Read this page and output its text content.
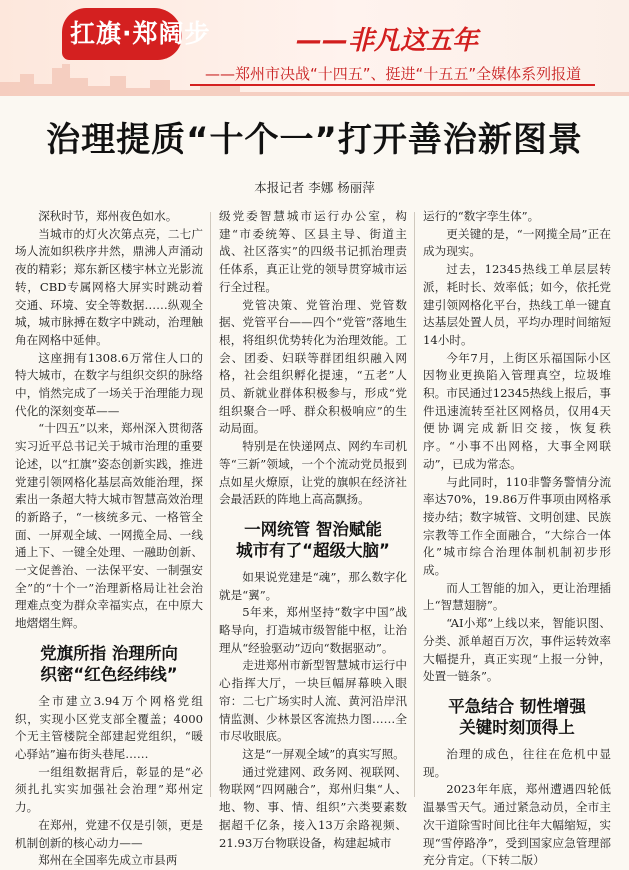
扛旗·郑阔步	——非凡这五年
——郑州市决战“十四五”、挺进“十五五”全媒体系列报道
治理提质“十个一”打开善治新图景
本报记者 李娜 杨丽萍

深秋时节，郑州夜色如水。

当城市的灯火次第点亮，二七广场人流如织秩序井然，鼎沸人声涌动夜的精彩；郑东新区楼宇林立光影流转，CBD专属网格大屏实时跳动着交通、环境、安全等数据……纵观全城，城市脉搏在数字中跳动，治理触角在网格中延伸。

这座拥有1308.6万常住人口的特大城市，在数字与组织交织的脉络中，悄然完成了一场关于治理能力现代化的深刻变革——

“十四五”以来，郑州深入贯彻落实习近平总书记关于城市治理的重要论述，以“扛旗”姿态创新实践，推进党建引领网格化基层高效能治理，探索出一条超大特大城市智慧高效治理的新路子，“一核统多元、一格管全面、一屏观全域、一网揽全局、一线通上下、一键全处理、一融助创新、一文促善治、一法保平安、一制强安全”的“十个一”治理新格局让社会治理难点变为群众幸福实点，在中原大地熠熠生辉。

党旗所指 治理所向
织密“红色经纬线”

全市建立3.94万个网格党组织，实现小区党支部全覆盖；4000个无主管楼院全部建起党组织，“暖心驿站”遍布街头巷尾……

一组组数据背后，彰显的是“必须扎扎实实加强社会治理”郑州定力。

在郑州，党建不仅是引领，更是机制创新的核心动力——

郑州在全国率先成立市县两

级党委智慧城市运行办公室，构建“市委统筹、区县主导、街道主战、社区落实”的四级书记抓治理责任体系，真正让党的领导贯穿城市运行全过程。

党管决策、党管治理、党管数据、党管平台——四个“党管”落地生根，将组织优势转化为治理效能。工会、团委、妇联等群团组织融入网格，社会组织孵化提速，“五老”人员、新就业群体积极参与，形成“党组织聚合一呼、群众积极响应”的生动局面。

特别是在快递网点、网约车司机等“三新”领域，一个个流动党员报到点如星火燎原，让党的旗帜在经济社会最活跃的阵地上高高飘扬。

一网统管 智治赋能
城市有了“超级大脑”

如果说党建是“魂”，那么数字化就是“翼”。

5年来，郑州坚持“数字中国”战略导向，打造城市级智能中枢，让治理从“经验驱动”迈向“数据驱动”。

走进郑州市新型智慧城市运行中心指挥大厅，一块巨幅屏幕映入眼帘：二七广场实时人流、黄河沿岸汛情监测、少林景区客流热力图……全市尽收眼底。

这是“一屏观全域”的真实写照。

通过党建网、政务网、视联网、物联网“四网融合”，郑州归集“人、地、物、事、情、组织”六类要素数据超千亿条，接入13万余路视频、21.93万台物联设备，构建起城市

运行的“数字孪生体”。

更关键的是，“一网揽全局”正在成为现实。

过去，12345热线工单层层转派，耗时长、效率低；如今，依托党建引领网格化平台，热线工单一键直达基层处置人员，平均办理时间缩短14小时。

今年7月，上街区乐福国际小区因物业更换陷入管理真空，垃圾堆积。市民通过12345热线上报后，事件迅速流转至社区网格员，仅用4天便协调完成新旧交接，恢复秩序。“小事不出网格，大事全网联动”，已成为常态。

与此同时，110非警务警情分流率达70%，19.86万件事项由网格承接办结；数字城管、文明创建、民族宗教等工作全面融合，“大综合一体化”城市综合治理体制机制初步形成。

而人工智能的加入，更让治理插上“智慧翅膀”。

“AI小郑”上线以来，智能识图、分类、派单超百万次，事件运转效率大幅提升，真正实现“上报一分钟，处置一链条”。

平急结合 韧性增强
关键时刻顶得上

治理的成色，往往在危机中显现。

2023年年底，郑州遭遇四轮低温暴雪天气。通过紧急动员，全市主次干道除雪时间比往年大幅缩短，实现“雪停路净”，受到国家应急管理部充分肯定。（下转二版）
